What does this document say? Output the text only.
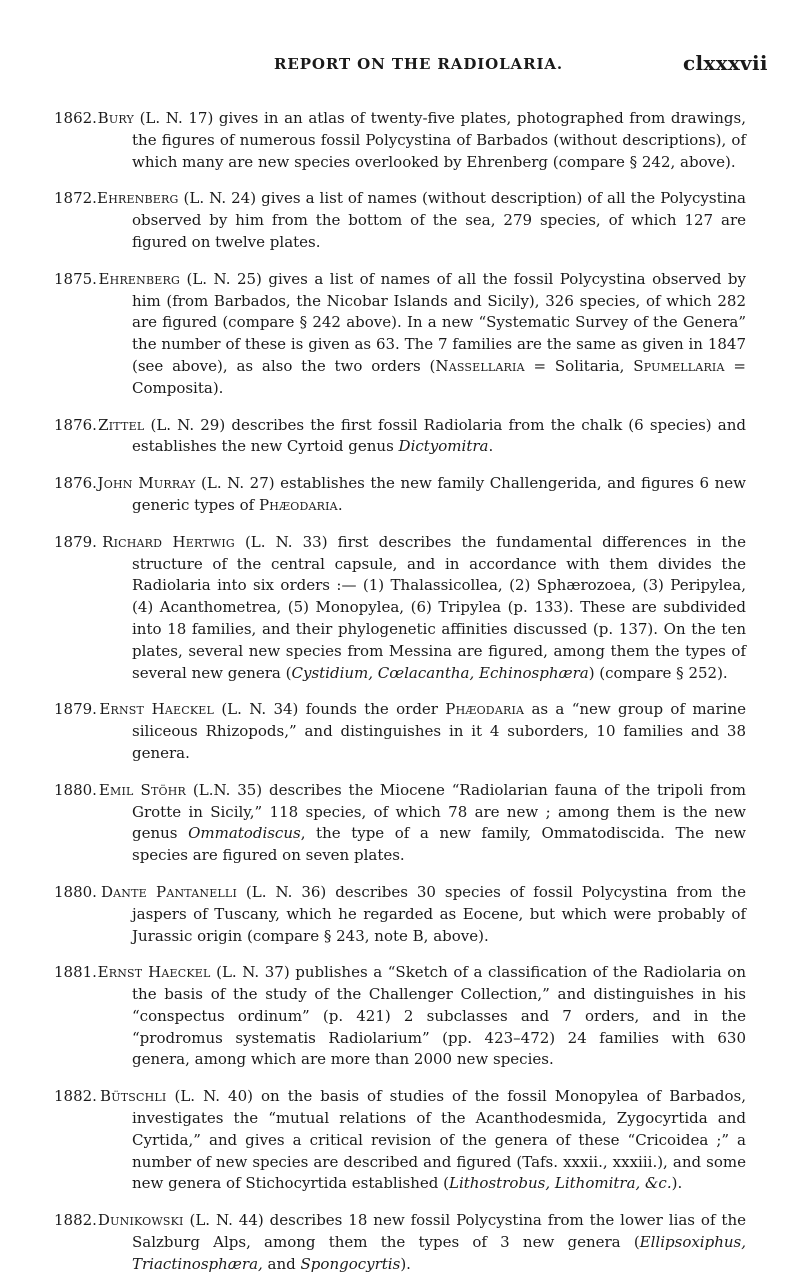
REPORT ON THE RADIOLARIA.	clxxxvii

1862. Bury (L. N. 17) gives in an atlas of twenty-five plates, photographed from drawings, the figures of numerous fossil Polycystina of Barbados (without descriptions), of which many are new species overlooked by Ehrenberg (compare § 242, above).

1872. Ehrenberg (L. N. 24) gives a list of names (without description) of all the Polycystina observed by him from the bottom of the sea, 279 species, of which 127 are figured on twelve plates.

1875. Ehrenberg (L. N. 25) gives a list of names of all the fossil Polycystina observed by him (from Barbados, the Nicobar Islands and Sicily), 326 species, of which 282 are figured (compare § 242 above). In a new “Systematic Survey of the Genera” the number of these is given as 63. The 7 families are the same as given in 1847 (see above), as also the two orders (Nassellaria = Solitaria, Spumellaria = Composita).

1876. Zittel (L. N. 29) describes the first fossil Radiolaria from the chalk (6 species) and establishes the new Cyrtoid genus Dictyomitra.

1876. John Murray (L. N. 27) establishes the new family Challengerida, and figures 6 new generic types of Phæodaria.

1879. Richard Hertwig (L. N. 33) first describes the fundamental differences in the structure of the central capsule, and in accordance with them divides the Radiolaria into six orders :— (1) Thalassicollea, (2) Sphærozoea, (3) Peripylea, (4) Acanthometrea, (5) Monopylea, (6) Tripylea (p. 133). These are subdivided into 18 families, and their phylogenetic affinities discussed (p. 137). On the ten plates, several new species from Messina are figured, among them the types of several new genera (Cystidium, Cœlacantha, Echinosphæra) (compare § 252).

1879. Ernst Haeckel (L. N. 34) founds the order Phæodaria as a “new group of marine siliceous Rhizopods,” and distinguishes in it 4 suborders, 10 families and 38 genera.

1880. Emil Stöhr (L.N. 35) describes the Miocene “Radiolarian fauna of the tripoli from Grotte in Sicily,” 118 species, of which 78 are new ; among them is the new genus Ommatodiscus, the type of a new family, Ommatodiscida. The new species are figured on seven plates.

1880. Dante Pantanelli (L. N. 36) describes 30 species of fossil Polycystina from the jaspers of Tuscany, which he regarded as Eocene, but which were probably of Jurassic origin (compare § 243, note B, above).

1881. Ernst Haeckel (L. N. 37) publishes a “Sketch of a classification of the Radiolaria on the basis of the study of the Challenger Collection,” and distinguishes in his “conspectus ordinum” (p. 421) 2 subclasses and 7 orders, and in the “prodromus systematis Radiolarium” (pp. 423–472) 24 families with 630 genera, among which are more than 2000 new species.

1882. Bütschli (L. N. 40) on the basis of studies of the fossil Monopylea of Barbados, investigates the “mutual relations of the Acanthodesmida, Zygocyrtida and Cyrtida,” and gives a critical revision of the genera of these “Cricoidea ;” a number of new species are described and figured (Tafs. xxxii., xxxiii.), and some new genera of Stichocyrtida established (Lithostrobus, Lithomitra, &c.).

1882. Dunikowski (L. N. 44) describes 18 new fossil Polycystina from the lower lias of the Salzburg Alps, among them the types of 3 new genera (Ellipsoxiphus, Triactinosphæra, and Spongocyrtis).
